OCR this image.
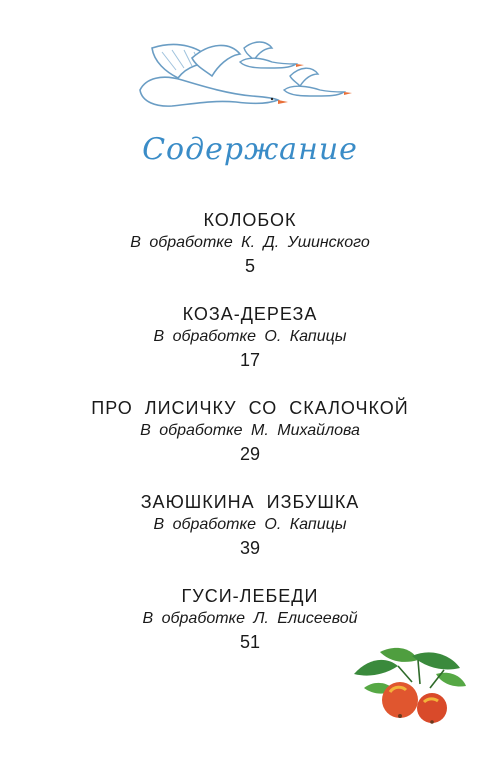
Содержание
КОЛОБОК
В обработке К. Д. Ушинского
5
КОЗА-ДЕРЕЗА
В обработке О. Капицы
17
ПРО ЛИСИЧКУ СО СКАЛОЧКОЙ
В обработке М. Михайлова
29
ЗАЮШКИНА ИЗБУШКА
В обработке О. Капицы
39
ГУСИ-ЛЕБЕДИ
В обработке Л. Елисеевой
51
